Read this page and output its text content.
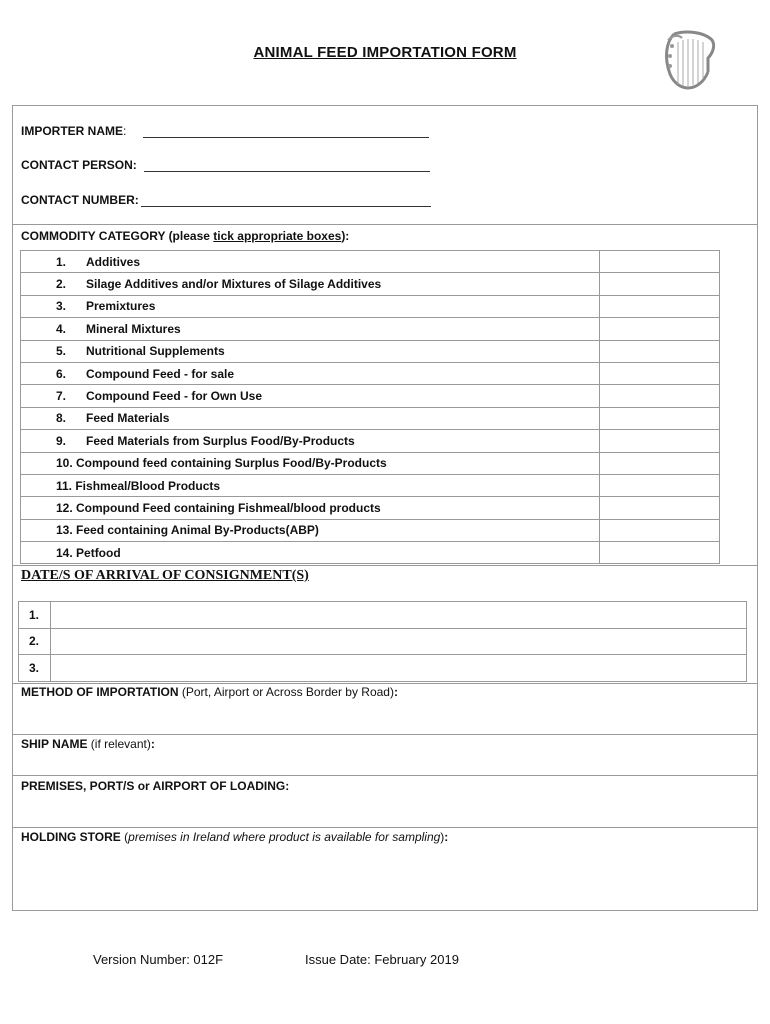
ANIMAL FEED IMPORTATION FORM
IMPORTER NAME :
CONTACT PERSON:
CONTACT NUMBER:
COMMODITY CATEGORY (please tick appropriate boxes):
1. Additives		
2. Silage Additives and/or Mixtures of Silage Additives		
3. Premixtures		
4. Mineral Mixtures		
5. Nutritional Supplements		
6. Compound Feed - for sale		
7. Compound Feed - for Own Use		
8. Feed Materials		
9. Feed Materials from Surplus Food/By-Products		
10. Compound feed containing Surplus Food/By-Products		
11. Fishmeal/Blood Products		
12. Compound Feed containing Fishmeal/blood products		
13. Feed containing Animal By-Products(ABP)		
14. Petfood		
DATE/S OF ARRIVAL OF CONSIGNMENT(S)
1.	
2.	
3.	
METHOD OF IMPORTATION (Port, Airport or Across Border by Road):
SHIP NAME (if relevant):
PREMISES, PORT/S or AIRPORT OF LOADING:
HOLDING STORE (premises in Ireland where product is available for sampling):
Version Number: 012F	Issue Date: February 2019
